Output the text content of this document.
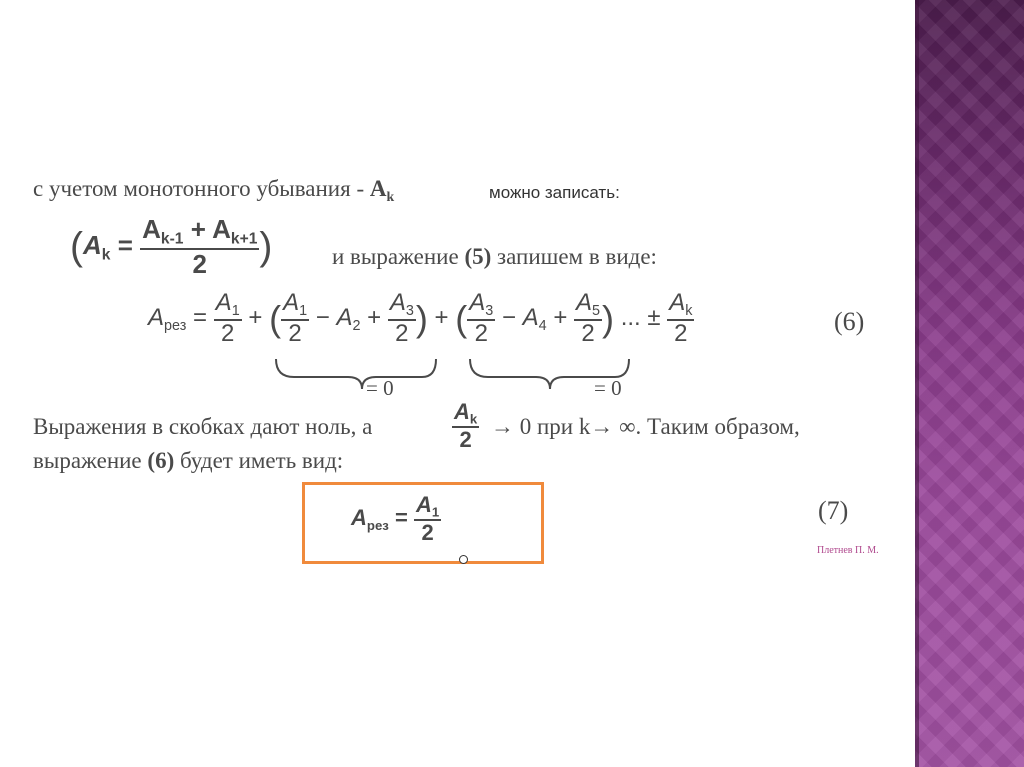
с учетом монотонного убывания - $A_k$	можно записать:
($A_k = \frac{A_{k-1} + A_{k+1}}{2}$ )	и выражение (5) запишем в виде:
$A_{рез} = \frac{A_1}{2}$ + ( $\frac{A_1}{2} - A_2 + \frac{A_3}{2}$ ) + ( $\frac{A_3}{2} - A_4 + \frac{A_5}{2}$ ) ... ± $\frac{A_k}{2}$	(6)
= 0	= 0
Выражения в скобках дают ноль, а	$\frac{A_k}{2} \to 0$ при k→ ∞. Таким образом,
выражение (6) будет иметь вид:
$A_{рез} = \frac{A_1}{2}$	(7)
Плетнев П. М.
